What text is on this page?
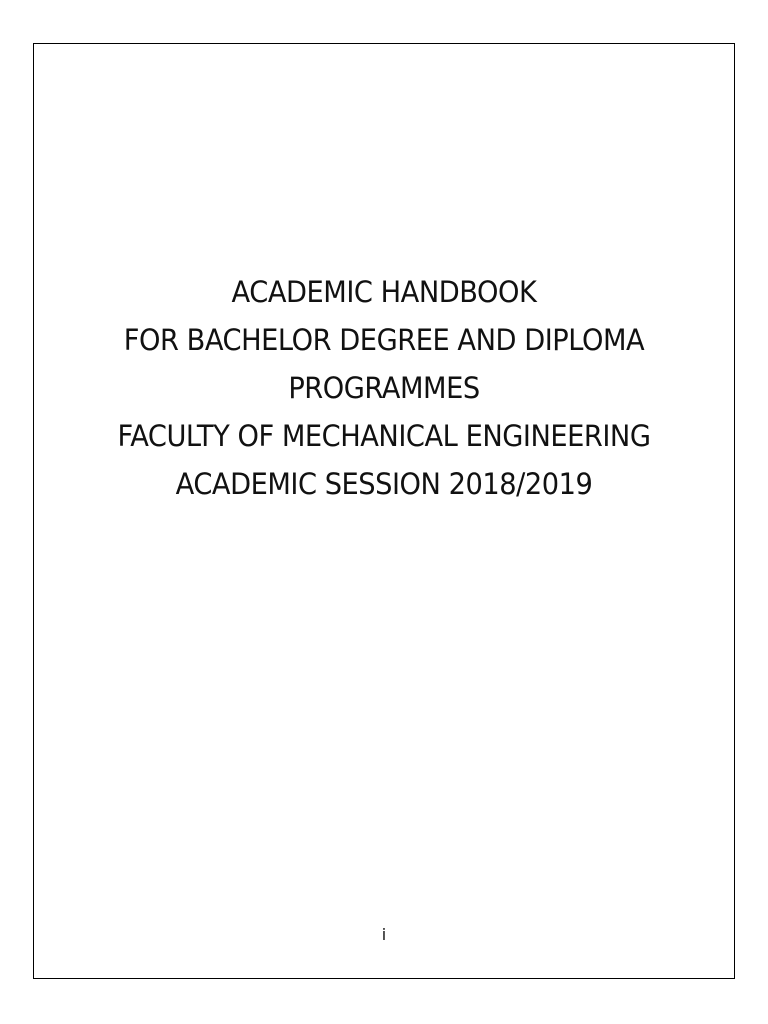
ACADEMIC HANDBOOK
FOR BACHELOR DEGREE AND DIPLOMA
PROGRAMMES
FACULTY OF MECHANICAL ENGINEERING
ACADEMIC SESSION 2018/2019
i
